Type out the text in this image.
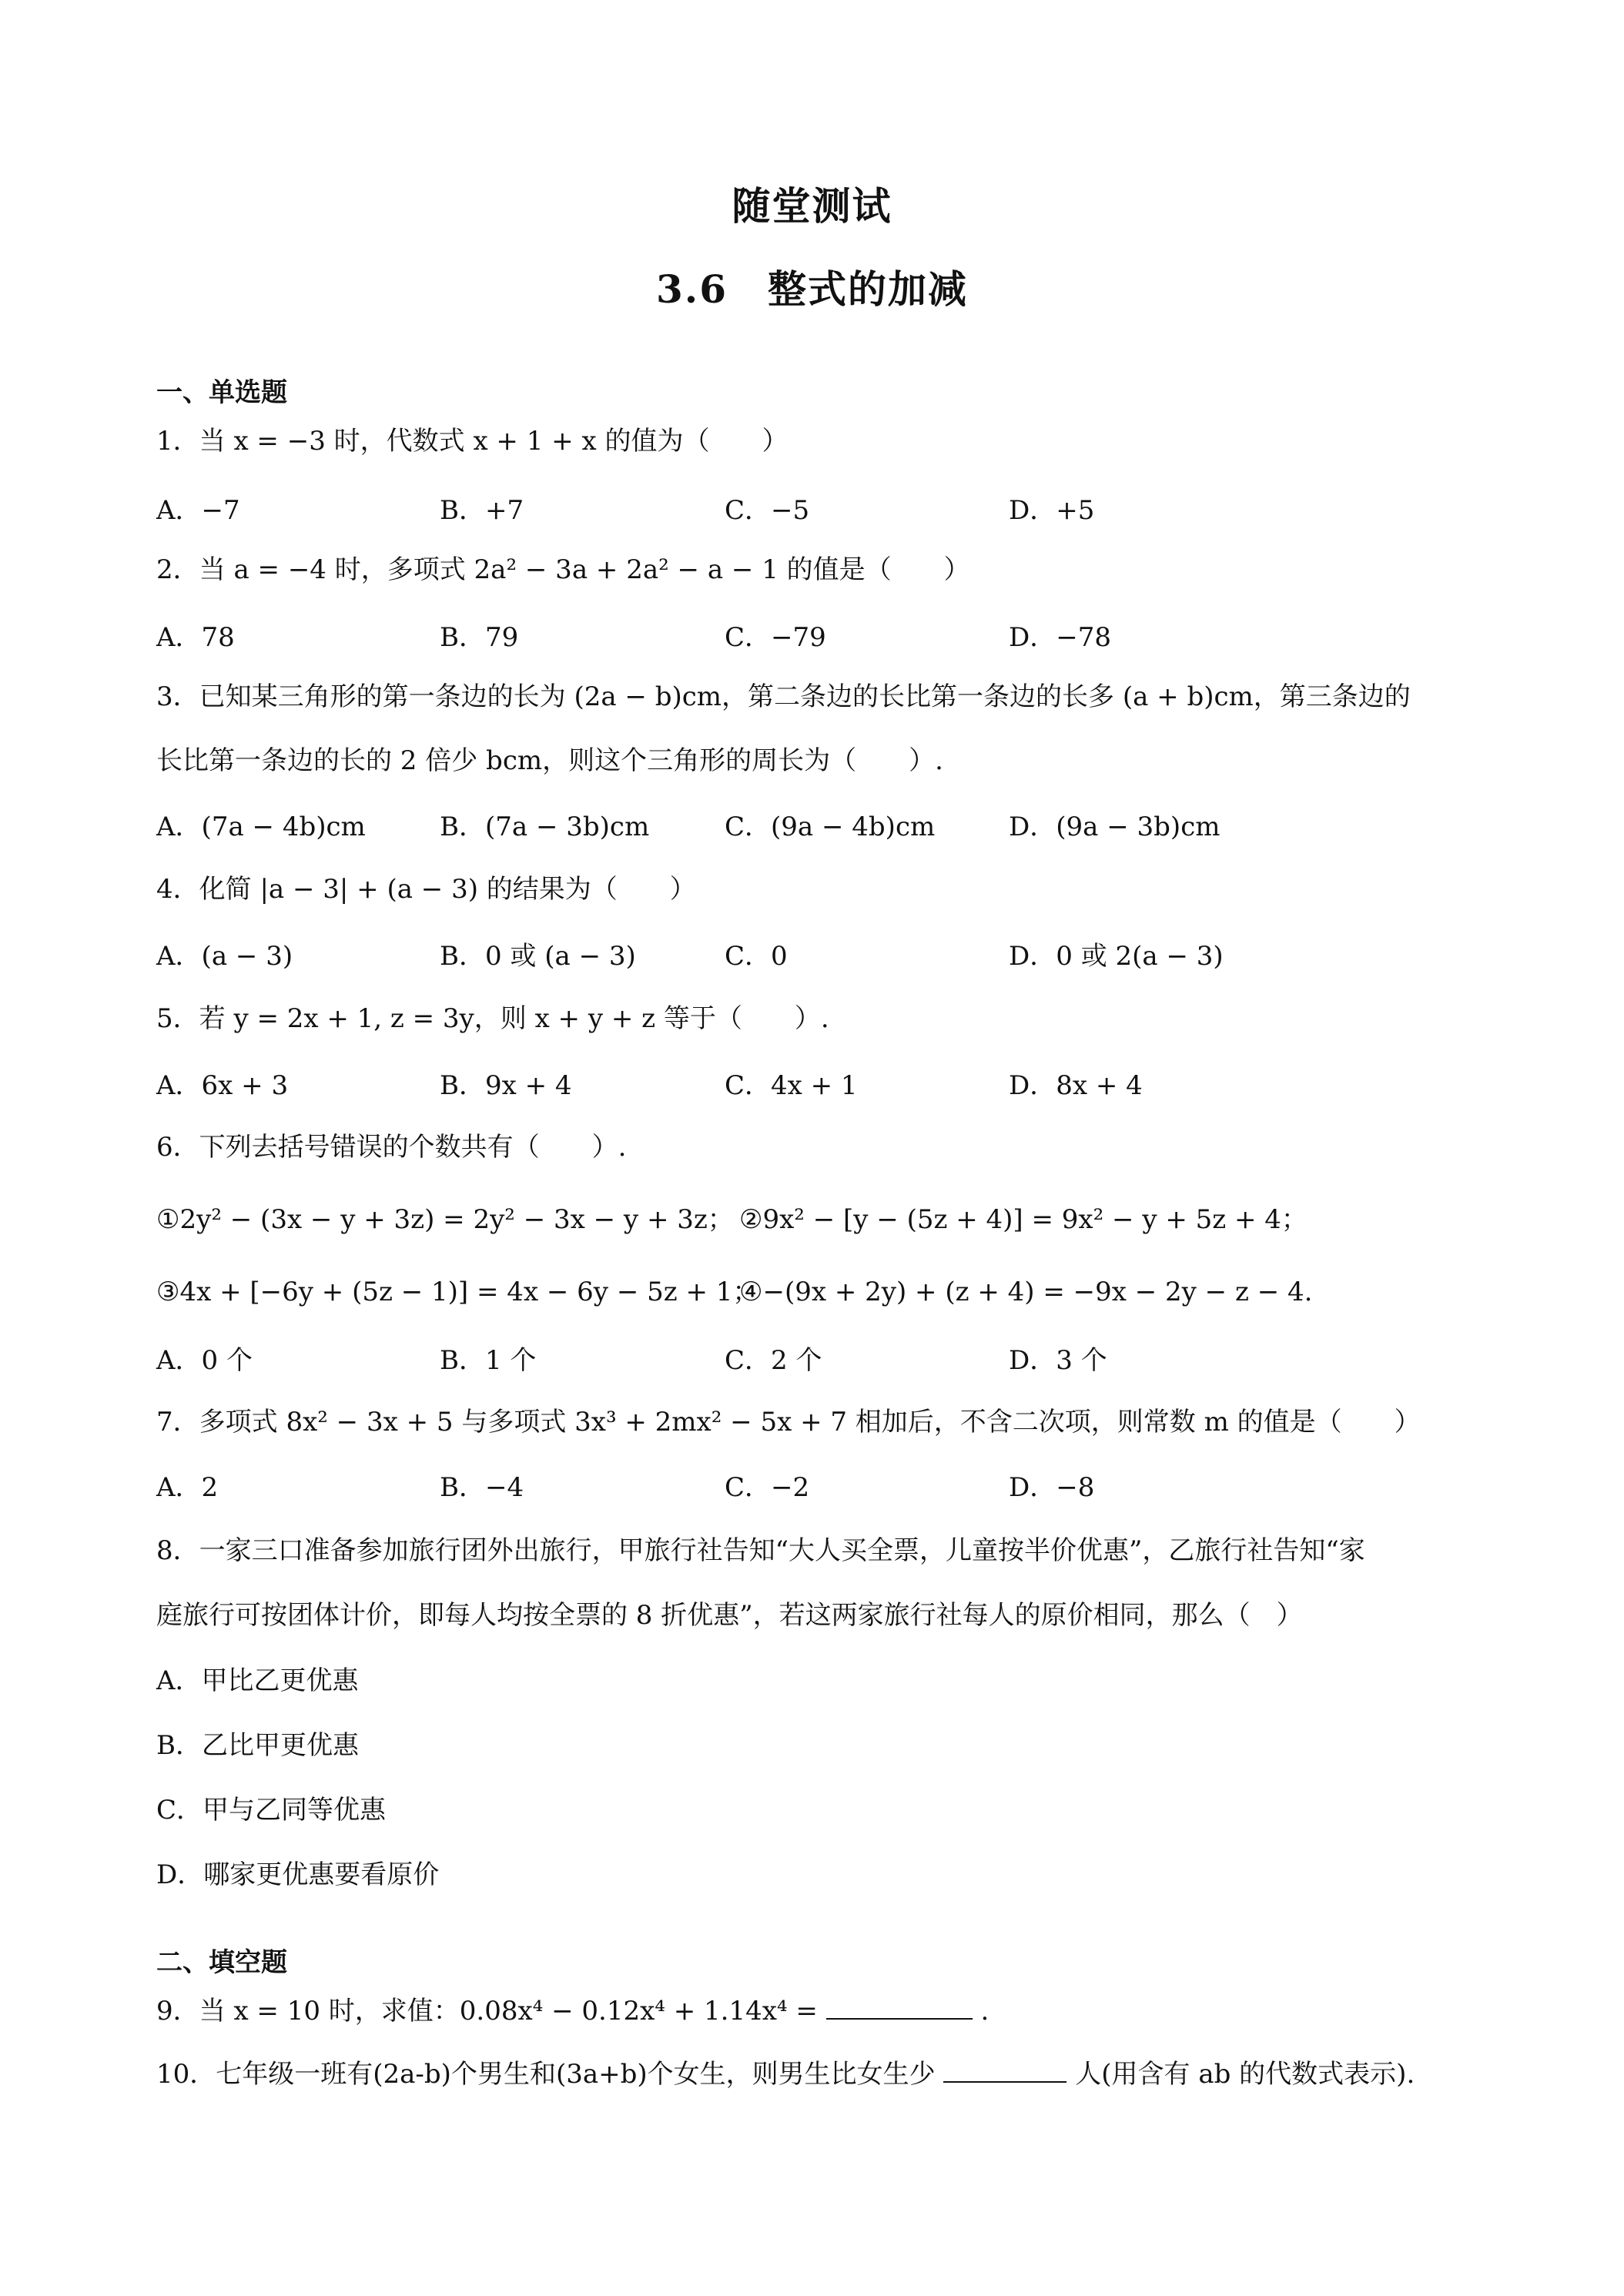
随堂测试
3.6　整式的加减
一、单选题
1．当 x = −3 时，代数式 x + 1 + x 的值为（　　）
A．−7	B．+7	C．−5	D．+5
2．当 a = −4 时，多项式 2a² − 3a + 2a² − a − 1 的值是（　　）
A．78	B．79	C．−79	D．−78
3．已知某三角形的第一条边的长为 (2a − b)cm，第二条边的长比第一条边的长多 (a + b)cm，第三条边的
长比第一条边的长的 2 倍少 bcm，则这个三角形的周长为（　　）.
A．(7a − 4b)cm	B．(7a − 3b)cm	C．(9a − 4b)cm	D．(9a − 3b)cm
4．化简 |a − 3| + (a − 3) 的结果为（　　）
A．(a − 3)	B．0 或 (a − 3)	C．0	D．0 或 2(a − 3)
5．若 y = 2x + 1, z = 3y，则 x + y + z 等于（　　）.
A．6x + 3	B．9x + 4	C．4x + 1	D．8x + 4
6．下列去括号错误的个数共有（　　）.
①2y² − (3x − y + 3z) = 2y² − 3x − y + 3z； ②9x² − [y − (5z + 4)] = 9x² − y + 5z + 4；
③4x + [−6y + (5z − 1)] = 4x − 6y − 5z + 1；
④−(9x + 2y) + (z + 4) = −9x − 2y − z − 4.
A．0 个	B．1 个	C．2 个	D．3 个
7．多项式 8x² − 3x + 5 与多项式 3x³ + 2mx² − 5x + 7 相加后，不含二次项，则常数 m 的值是（　　）
A．2	B．−4	C．−2	D．−8
8．一家三口准备参加旅行团外出旅行，甲旅行社告知“大人买全票，儿童按半价优惠”，乙旅行社告知“家
庭旅行可按团体计价，即每人均按全票的 8 折优惠”，若这两家旅行社每人的原价相同，那么（　）
A．甲比乙更优惠
B．乙比甲更优惠
C．甲与乙同等优惠
D．哪家更优惠要看原价
二、填空题
9．当 x = 10 时，求值：0.08x⁴ − 0.12x⁴ + 1.14x⁴ =	.
10．七年级一班有(2a-b)个男生和(3a+b)个女生，则男生比女生少	人(用含有 ab 的代数式表示).
